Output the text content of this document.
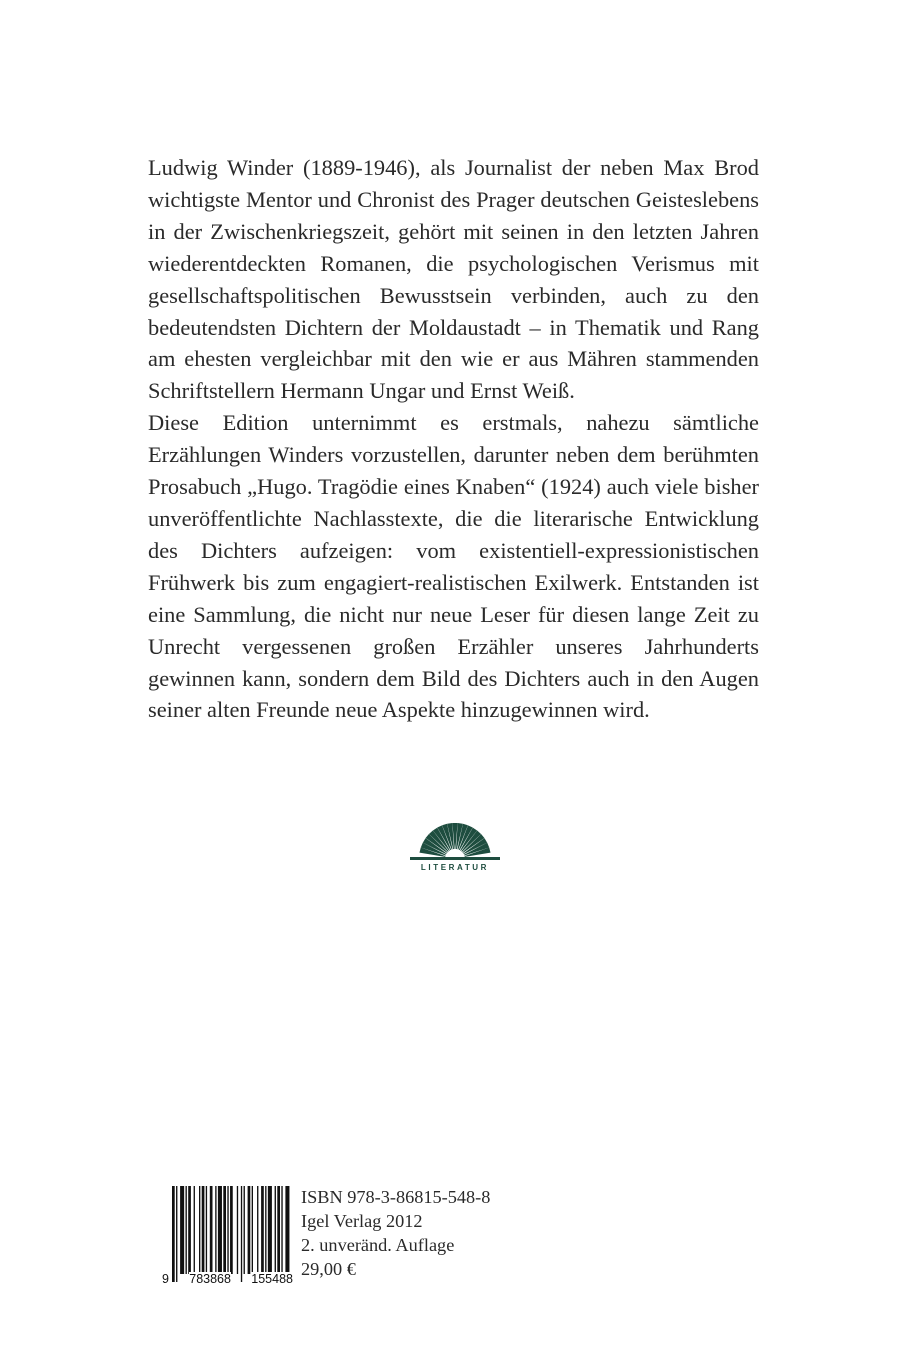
Ludwig Winder (1889-1946), als Journalist der neben Max Brod wichtigste Mentor und Chronist des Prager deutschen Geisteslebens in der Zwischenkriegszeit, gehört mit seinen in den letzten Jahren wiederentdeckten Romanen, die psychologischen Verismus mit gesellschaftspolitischen Bewusstsein verbinden, auch zu den bedeutendsten Dichtern der Moldaustadt – in Thematik und Rang am ehesten vergleichbar mit den wie er aus Mähren stammenden Schriftstellern Hermann Ungar und Ernst Weiß.

Diese Edition unternimmt es erstmals, nahezu sämtliche Erzählungen Winders vorzustellen, darunter neben dem berühmten Prosabuch „Hugo. Tragödie eines Knaben“ (1924) auch viele bisher unveröffentlichte Nachlasstexte, die die literarische Entwicklung des Dichters aufzeigen: vom existentiell-expressionistischen Frühwerk bis zum engagiert-​realistischen Exilwerk. Entstanden ist eine Sammlung, die nicht nur neue Leser für diesen lange Zeit zu Unrecht vergessenen großen Erzähler unseres Jahrhunderts gewinnen kann, sondern dem Bild des Dichters auch in den Augen seiner alten Freunde neue Aspekte hinzugewinnen wird.

LITERATUR
9 783868 155488
ISBN 978-3-86815-548-8
Igel Verlag 2012
2. unveränd. Auflage
29,00 €
